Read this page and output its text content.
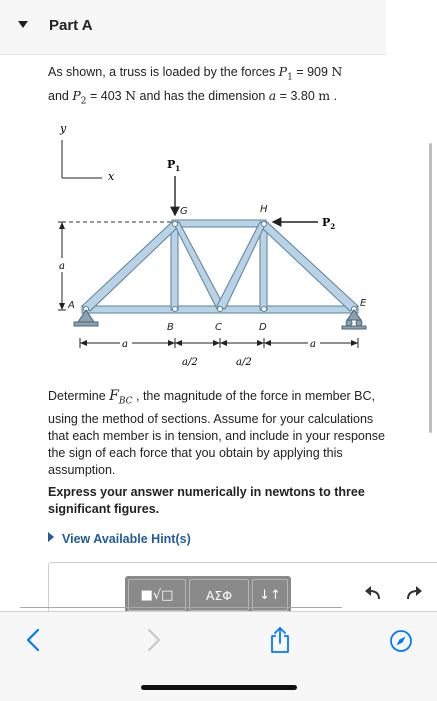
Part A
As shown, a truss is loaded by the forces $P_1 = 909$ N
and $P_2 = 403$ N and has the dimension a = 3.80 m .
y
x
$P_1$
$P_2$
A
B	C	D
E
G	H
a
a	a
a/2	a/2
Determine $F_{BC}$ , the magnitude of the force in member BC, using the method of sections. Assume for your calculations that each member is in tension, and include in your response the sign of each force that you obtain by applying this assumption.
Express your answer numerically in newtons to three significant figures.
View Available Hint(s)
■√□	AΣΦ	↓↑
